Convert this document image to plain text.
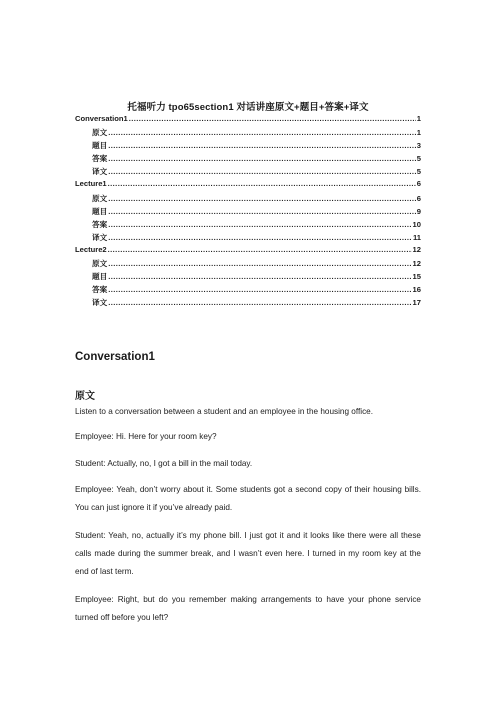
托福听力 tpo65section1 对话讲座原文+题目+答案+译文
Conversation1 .....	1
原文 .....	1
题目 .....	3
答案 .....	5
译文 .....	5
Lecture1 .....	6
原文 .....	6
题目 .....	9
答案 .....	10
译文 .....	11
Lecture2 .....	12
原文 .....	12
题目 .....	15
答案 .....	16
译文 .....	17
Conversation1
原文
Listen to a conversation between a student and an employee in the housing office.
Employee: Hi. Here for your room key?
Student: Actually, no, I got a bill in the mail today.
Employee: Yeah, don’t worry about it. Some students got a second copy of their housing bills. You can just ignore it if you’ve already paid.
Student: Yeah, no, actually it’s my phone bill. I just got it and it looks like there were all these calls made during the summer break, and I wasn’t even here. I turned in my room key at the end of last term.
Employee: Right, but do you remember making arrangements to have your phone service turned off before you left?
